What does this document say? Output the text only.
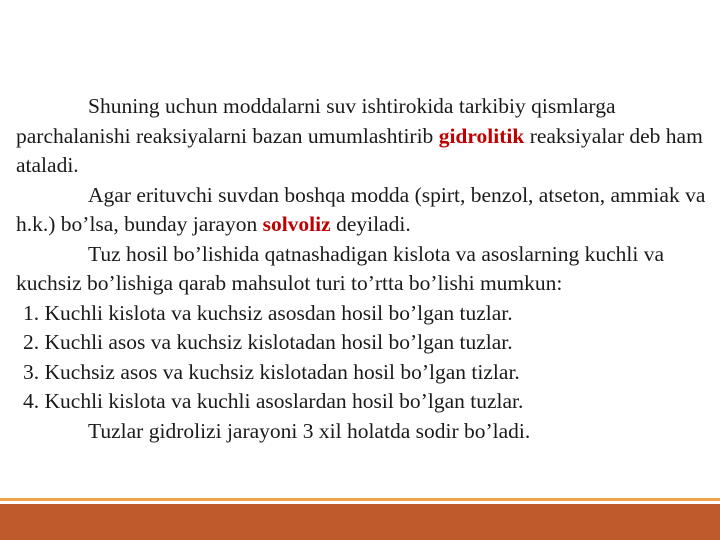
Shuning uchun moddalarni suv ishtirokida tarkibiy qismlarga parchalanishi reaksiyalarni bazan umumlashtirib gidrolitik reaksiyalar deb ham ataladi.

Agar erituvchi suvdan boshqa modda (spirt, benzol, atseton, ammiak va h.k.) bo’lsa, bunday jarayon solvoliz deyiladi.

Tuz hosil bo’lishida qatnashadigan kislota va asoslarning kuchli va kuchsiz bo’lishiga qarab mahsulot turi to’rtta bo’lishi mumkun:

1. Kuchli kislota va kuchsiz asosdan hosil bo’lgan tuzlar.
2. Kuchli asos va kuchsiz kislotadan hosil bo’lgan tuzlar.
3. Kuchsiz asos va kuchsiz kislotadan hosil bo’lgan tizlar.
4. Kuchli kislota va kuchli asoslardan hosil bo’lgan tuzlar.

Tuzlar gidrolizi jarayoni 3 xil holatda sodir bo’ladi.
